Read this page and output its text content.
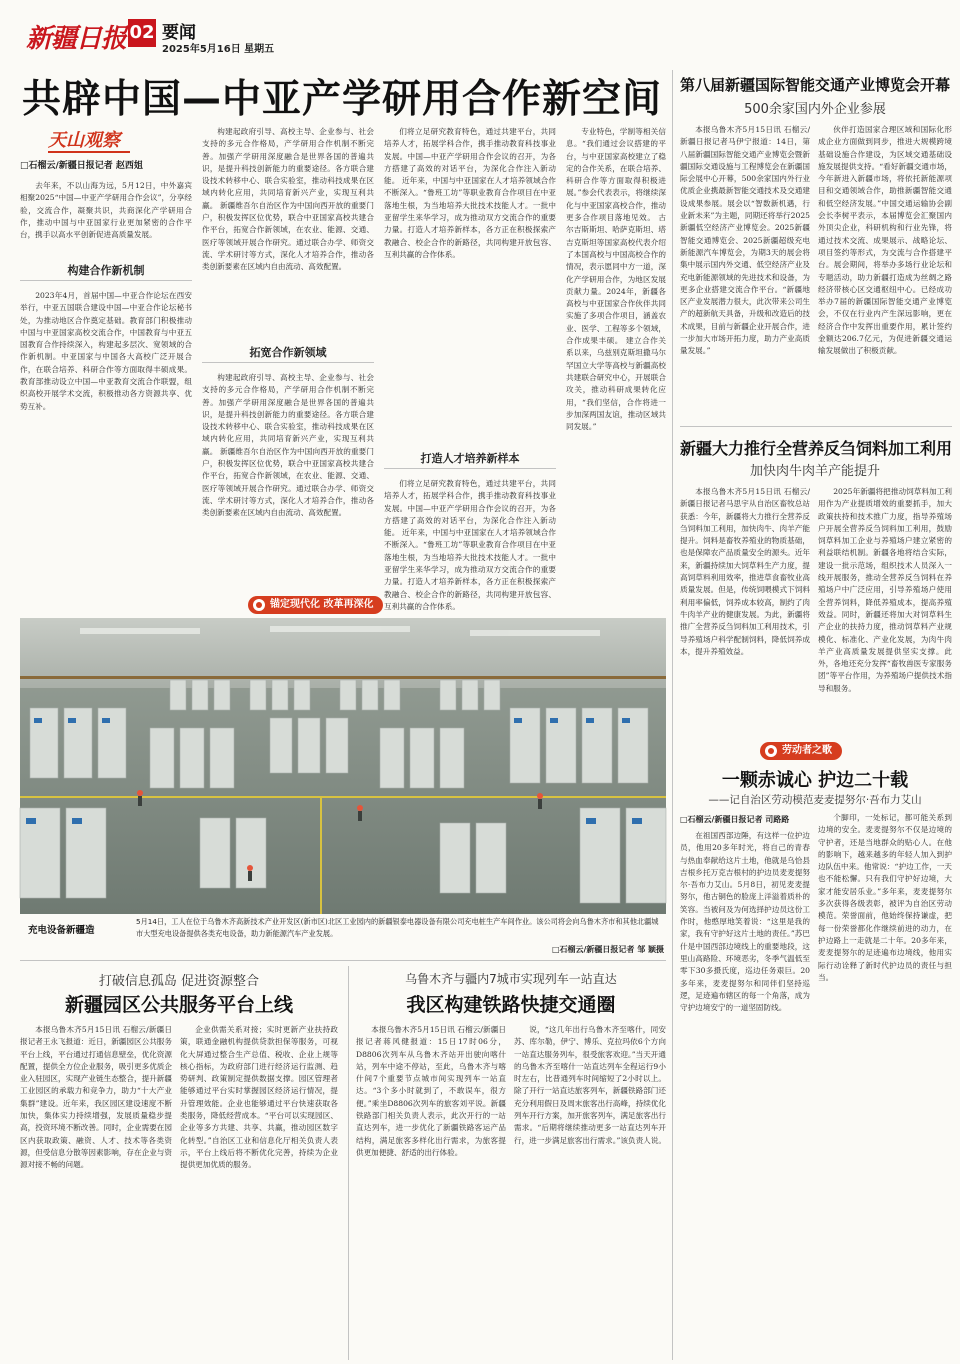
新疆日报 02 要闻
2025年5月16日 星期五
共辟中国—中亚产学研用合作新空间
天山观察
□石榴云/新疆日报记者 赵西姐
去年来，不以山海为远，5月12日，中外嘉宾相聚2025“中国—中亚产学研用合作会议”，分享经验，交流合作，凝聚共识，共商深化产学研用合作，推动中国与中亚国家行业更加紧密的合作平台，携手以高水平创新促进高质量发展。
构建合作新机制
2023年4月，首届中国—中亚合作论坛在西安举行，中亚五国联合建设中国—中亚合作论坛秘书处，为推动地区合作奠定基础。教育部门积极推动中国与中亚国家高校交流合作，中国教育与中亚五国教育合作持续深入，构建起多层次、宽领域的合作新机制。中亚国家与中国各大高校广泛开展合作，在联合培养、科研合作等方面取得丰硕成果。教育部推动设立中国—中亚教育交流合作联盟，组织高校开展学术交流，积极推动各方资源共享、优势互补。
构建起政府引导、高校主导、企业参与、社会支持的多元合作格局，产学研用合作机制不断完善。加强产学研用深度融合是世界各国的普遍共识，是提升科技创新能力的重要途径。各方联合建设技术转移中心、联合实验室，推动科技成果在区域内转化应用，共同培育新兴产业，实现互利共赢。 新疆维吾尔自治区作为中国向西开放的重要门户，积极发挥区位优势，联合中亚国家高校共建合作平台，拓宽合作新领域，在农业、能源、交通、医疗等领域开展合作研究。通过联合办学、师资交流、学术研讨等方式，深化人才培养合作，推动各类创新要素在区域内自由流动、高效配置。
拓宽合作新领域
构建起政府引导、高校主导、企业参与、社会支持的多元合作格局，产学研用合作机制不断完善。加强产学研用深度融合是世界各国的普遍共识，是提升科技创新能力的重要途径。各方联合建设技术转移中心、联合实验室，推动科技成果在区域内转化应用，共同培育新兴产业，实现互利共赢。 新疆维吾尔自治区作为中国向西开放的重要门户，积极发挥区位优势，联合中亚国家高校共建合作平台，拓宽合作新领域，在农业、能源、交通、医疗等领域开展合作研究。通过联合办学、师资交流、学术研讨等方式，深化人才培养合作，推动各类创新要素在区域内自由流动、高效配置。
们将立足研究教育特色，通过共建平台，共同培养人才，拓展学科合作，携手推动教育科技事业发展。中国—中亚产学研用合作会议的召开，为各方搭建了高效的对话平台，为深化合作注入新动能。 近年来，中国与中亚国家在人才培养领域合作不断深入。“鲁班工坊”等职业教育合作项目在中亚落地生根，为当地培养大批技术技能人才。一批中亚留学生来华学习，成为推动双方交流合作的重要力量。打造人才培养新样本，各方正在积极探索产教融合、校企合作的新路径，共同构建开放包容、互利共赢的合作体系。
打造人才培养新样本
们将立足研究教育特色，通过共建平台，共同培养人才，拓展学科合作，携手推动教育科技事业发展。中国—中亚产学研用合作会议的召开，为各方搭建了高效的对话平台，为深化合作注入新动能。 近年来，中国与中亚国家在人才培养领域合作不断深入。“鲁班工坊”等职业教育合作项目在中亚落地生根，为当地培养大批技术技能人才。一批中亚留学生来华学习，成为推动双方交流合作的重要力量。打造人才培养新样本，各方正在积极探索产教融合、校企合作的新路径，共同构建开放包容、互利共赢的合作体系。
专业特色，学制等相关信息。“我们通过会议搭建的平台，与中亚国家高校建立了稳定的合作关系，在联合培养、科研合作等方面取得积极进展。”参会代表表示，将继续深化与中亚国家高校合作，推动更多合作项目落地见效。 古尔吉斯斯坦、哈萨克斯坦、塔吉克斯坦等国家高校代表介绍了本国高校与中国高校合作的情况，表示愿同中方一道，深化产学研用合作，为地区发展贡献力量。2024年，新疆各高校与中亚国家合作伙伴共同实施了多项合作项目，涵盖农业、医学、工程等多个领域，合作成果丰硕。 建立合作关系以来，乌兹别克斯坦撒马尔罕国立大学等高校与新疆高校共建联合研究中心，开展联合攻关，推动科研成果转化应用，“我们坚信，合作将进一步加深两国友谊，推动区域共同发展。”
第八届新疆国际智能交通产业博览会开幕
500余家国内外企业参展
本报乌鲁木齐5月15日讯 石榴云/新疆日报记者马伊宁报道：14日，第八届新疆国际智能交通产业博览会暨新疆国际交通设施与工程博览会在新疆国际会展中心开幕，500余家国内外行业优质企业携最新智能交通技术及交通建设成果参展。展会以“智数新机遇，行业新未来”为主题，同期还将举行2025新疆低空经济产业博览会。2025新疆智能交通博览会、2025新疆超级充电新能源汽车博览会，为期3天的展会将集中展示国内外交通、低空经济产业及充电新能源领域的先进技术和设备，为更多企业搭建交流合作平台。“新疆地区产业发展潜力很大，此次带来公司生产的超新航天具备，升级和改造后的技术成果，目前与新疆企业开展合作，进一步加大市场开拓力度，助力产业高质量发展。”
伙伴打造国家合理区域和国际化形成企业方面做到同步，推进大规模跨境基础设施合作建设，为区域交通基础设施发展提供支持。“看好新疆交通市场，今年新进入新疆市场，将依托新能源项目和交通领域合作，助推新疆智能交通和低空经济发展。”中国交通运输协会副会长李树平表示，本届博览会汇聚国内外顶尖企业，科研机构和行业先锋，将通过技术交流、成果展示、战略论坛、项目签约等形式，为交流与合作搭建平台。展会期间，将举办多场行业论坛和专题活动，助力新疆打造成为丝绸之路经济带核心区交通枢纽中心。已经成功举办7届的新疆国际智能交通产业博览会，不仅在行业内产生深远影响，更在经济合作中发挥出重要作用，累计签约金额达206.7亿元，为促进新疆交通运输发展做出了积极贡献。
新疆大力推行全营养反刍饲料加工利用
加快肉牛肉羊产能提升
本报乌鲁木齐5月15日讯 石榴云/新疆日报记者马思宇从自治区畜牧总站获悉：今年，新疆将大力推行全营养反刍饲料加工利用，加快肉牛、肉羊产能提升。饲料是畜牧养殖业的物质基础，也是保障农产品质量安全的源头。近年来，新疆持续加大饲草料生产力度，提高饲草料利用效率，推进草食畜牧业高质量发展。但是，传统饲喂模式下饲料利用率偏低，饲养成本较高，制约了肉牛肉羊产业的健康发展。为此，新疆将推广全营养反刍饲料加工利用技术，引导养殖场户科学配制饲料，降低饲养成本，提升养殖效益。
2025年新疆将把推动饲草料加工利用作为产业提质增效的重要抓手，加大政策扶持和技术推广力度，指导养殖场户开展全营养反刍饲料加工利用，鼓励饲草料加工企业与养殖场户建立紧密的利益联结机制。新疆各地将结合实际，建设一批示范场，组织技术人员深入一线开展服务，推动全营养反刍饲料在养殖场户中广泛应用，引导养殖场户使用全营养饲料，降低养殖成本，提高养殖效益。同时，新疆还将加大对饲草料生产企业的扶持力度，推动饲草料产业规模化、标准化、产业化发展，为肉牛肉羊产业高质量发展提供坚实支撑。此外，各地还充分发挥“畜牧兽医专家服务团”等平台作用，为养殖场户提供技术指导和服务。
劳动者之歌
一颗赤诚心 护边二十载
——记自治区劳动模范麦麦提努尔·吾布力艾山
□石榴云/新疆日报记者 司路路
在祖国西部边陲，有这样一位护边员，他用20多年时光，将自己的青春与热血奉献给这片土地，他就是乌恰县吉根乡托万克吉根村的护边员麦麦提努尔·吾布力艾山。5月8日，初见麦麦提努尔，他古铜色的脸庞上洋溢着质朴的笑容。当被问及为何选择护边员这份工作时，他憨厚地笑着说：“这里是我的家，我有守护好这片土地的责任。”苏巴什是中国西部边境线上的重要地段，这里山高路险、环境恶劣，冬季气温低至零下30多摄氏度，巡边任务艰巨。20多年来，麦麦提努尔和同伴们坚持巡逻，足迹遍布辖区的每一个角落，成为守护边境安宁的一道坚固防线。
个脚印，一处标记，都可能关系到边境的安全。麦麦提努尔不仅是边境的守护者，还是当地群众的贴心人。在他的影响下，越来越多的年轻人加入到护边队伍中来。他常说：“护边工作，一天也不能松懈。只有我们守护好边境，大家才能安居乐业。”多年来，麦麦提努尔多次获得各级表彰，被评为自治区劳动模范。荣誉面前，他始终保持谦虚，把每一份荣誉都化作继续前进的动力，在护边路上一走就是二十年。20多年来，麦麦提努尔的足迹遍布边境线，他用实际行动诠释了新时代护边员的责任与担当。
锚定现代化 改革再深化
充电设备新疆造
5月14日，工人在位于乌鲁木齐高新技术产业开发区(新市区)北区工业园内的新疆银泰电器设备有限公司充电桩生产车间作业。该公司将会向乌鲁木齐市和其他北疆城市大型充电设备提供各类充电设备，助力新能源汽车产业发展。
□石榴云/新疆日报记者 邹 颖摄
打破信息孤岛 促进资源整合
新疆园区公共服务平台上线
本报乌鲁木齐5月15日讯 石榴云/新疆日报记者王永飞报道：近日，新疆园区公共服务平台上线，平台通过打通信息壁垒，优化资源配置，提供全方位企业服务，吸引更多优质企业入驻园区，实现产业链生态整合，提升新疆工业园区的承载力和竞争力，助力“十大产业集群”建设。近年来，我区园区建设速度不断加快，集体实力持续增强，发展质量稳步提高，投资环境不断改善。同时，企业需要在园区内获取政策、融资、人才、技术等各类资源，但受信息分散等因素影响，存在企业与资源对接不畅的问题。
企业供需关系对接；实时更新产业扶持政策，联通金融机构提供贷款担保等服务，可视化大屏通过整合生产总值、税收、企业上规等核心指标，为政府部门进行经济运行监测、趋势研判、政策制定提供数据支撑。园区管理者能够通过平台实时掌握园区经济运行情况，提升管理效能。企业也能够通过平台快速获取各类服务，降低经营成本。“平台可以实现园区、企业等多方共建、共享、共赢，推动园区数字化转型。”自治区工业和信息化厅相关负责人表示，平台上线后将不断优化完善，持续为企业提供更加优质的服务。
乌鲁木齐与疆内7城市实现列车一站直达
我区构建铁路快捷交通圈
本报乌鲁木齐5月15日讯 石榴云/新疆日报记者蒋风健报道：15日17时06分，D8806次列车从乌鲁木齐站开出驶向喀什站，列车中途不停站，至此，乌鲁木齐与喀什间7个重要节点城市间实现列车一站直达。“3个多小时就到了，不敢误车，很方便。”乘坐D8806次列车的旅客刘平说。新疆铁路部门相关负责人表示，此次开行的一站直达列车，进一步优化了新疆铁路客运产品结构，满足旅客多样化出行需求，为旅客提供更加便捷、舒适的出行体验。
说，“这几年出行乌鲁木齐至喀什，同安苏、库尔勒，伊宁、博乐、克拉玛依6个方向一站直达服务列车，很受旅客欢迎。”当天开通的乌鲁木齐至喀什一站直达列车全程运行9小时左右，比普通列车时间缩短了2小时以上。除了开行一站直达旅客列车，新疆铁路部门还充分利用假日及周末旅客出行高峰，持续优化列车开行方案，加开旅客列车，满足旅客出行需求。“后期将继续推动更多一站直达列车开行，进一步满足旅客出行需求。”该负责人说。
